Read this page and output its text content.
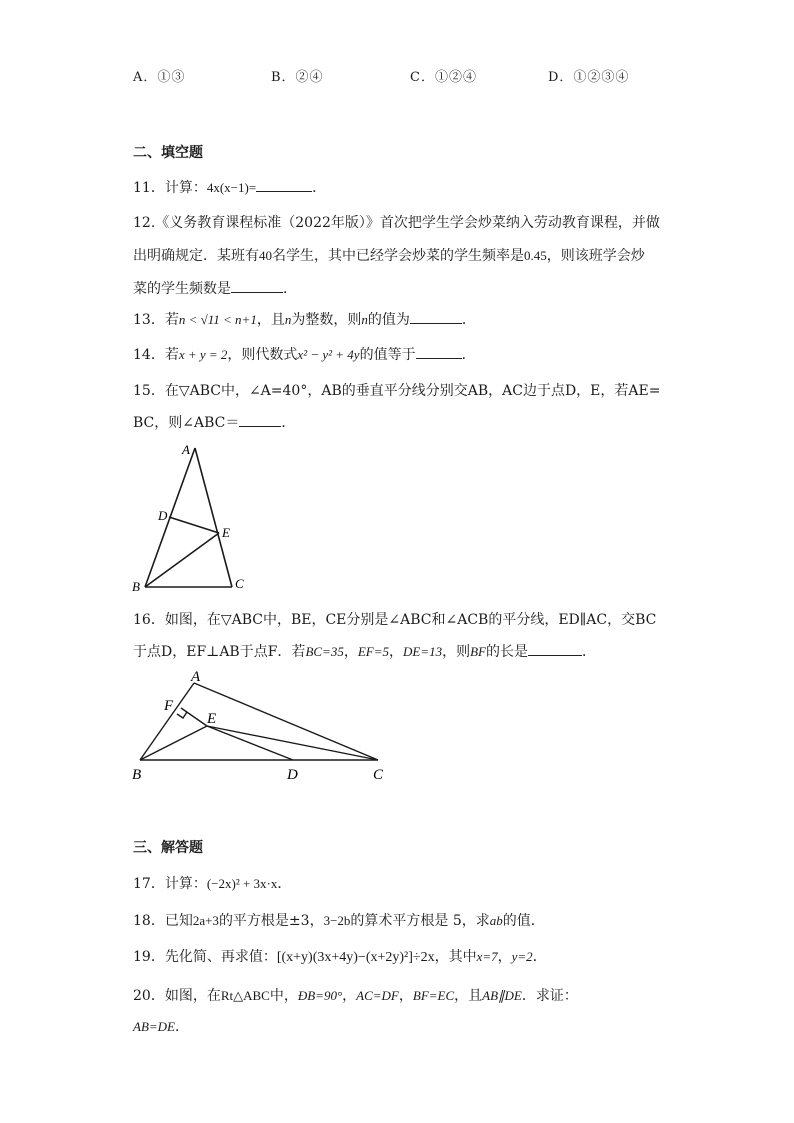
A．①③	B．②④	C．①②④	D．①②③④
二、填空题
11．计算：4x(x−1)=	．
12.《义务教育课程标准（2022年版）》首次把学生学会炒菜纳入劳动教育课程，并做
出明确规定．某班有40名学生，其中已经学会炒菜的学生频率是0.45，则该班学会炒
菜的学生频数是	．
13．若n < √11 < n+1，且n为整数，则n的值为	．
14．若x + y = 2，则代数式x² − y² + 4y的值等于	．
15．在▽ABC中，∠A=40°，AB的垂直平分线分别交AB，AC边于点D，E，若AE=
BC，则∠ABC＝	．
A
B	C
D
E
16．如图，在▽ABC中，BE，CE分别是∠ABC和∠ACB的平分线，ED∥AC，交BC
于点D，EF⊥AB于点F．若BC=35，EF=5，DE=13，则BF的长是	．
A
B	C
D
E
F
三、解答题
17．计算：(−2x)² + 3x·x．
18．已知2a+3的平方根是±3，3−2b的算术平方根是 5，求ab的值．
19．先化简、再求值：[(x+y)(3x+4y)−(x+2y)²]÷2x，其中x=7，y=2．
20．如图，在Rt△ABC中，ÐB=90°，AC=DF，BF=EC，且AB∥DE．求证：
AB=DE．
